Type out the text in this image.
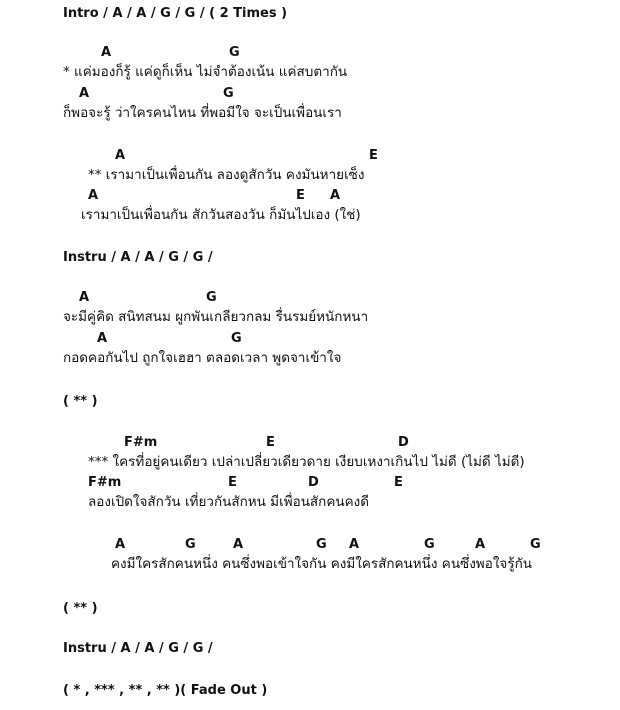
Intro / A / A / G / G / ( 2 Times )
A	G
* แค่มองก็รู้ แค่ดูก็เห็น ไม่จำต้องเน้น แค่สบตากัน
A	G
ก็พอจะรู้ ว่าใครคนไหน ที่พอมีใจ จะเป็นเพื่อนเรา
A	E
** เรามาเป็นเพื่อนกัน ลองดูสักวัน คงมันหายเซ็ง
A	E A
เรามาเป็นเพื่อนกัน สักวันสองวัน ก็มันไปเอง (ใช่)
Instru / A / A / G / G /
A	G
จะมีคู่คิด สนิทสนม ผูกพันเกลียวกลม รื่นรมย์หนักหนา
A	G
กอดคอกันไป ถูกใจเฮฮา ตลอดเวลา พูดจาเข้าใจ
( ** )
F#m	E	D
*** ใครที่อยู่คนเดียว เปล่าเปลี่ยวเดียวดาย เงียบเหงาเกินไป ไม่ดี (ไม่ดี ไม่ดี)
F#m	E	D	E
ลองเปิดใจสักวัน เที่ยวกันสักหน มีเพื่อนสักคนคงดี
A	G	A	G A	G	A	G
คงมีใครสักคนหนึ่ง คนซึ่งพอเข้าใจกัน คงมีใครสักคนหนึ่ง คนซึ่งพอใจรู้กัน
( ** )
Instru / A / A / G / G /
( * , *** , ** , ** )( Fade Out )
